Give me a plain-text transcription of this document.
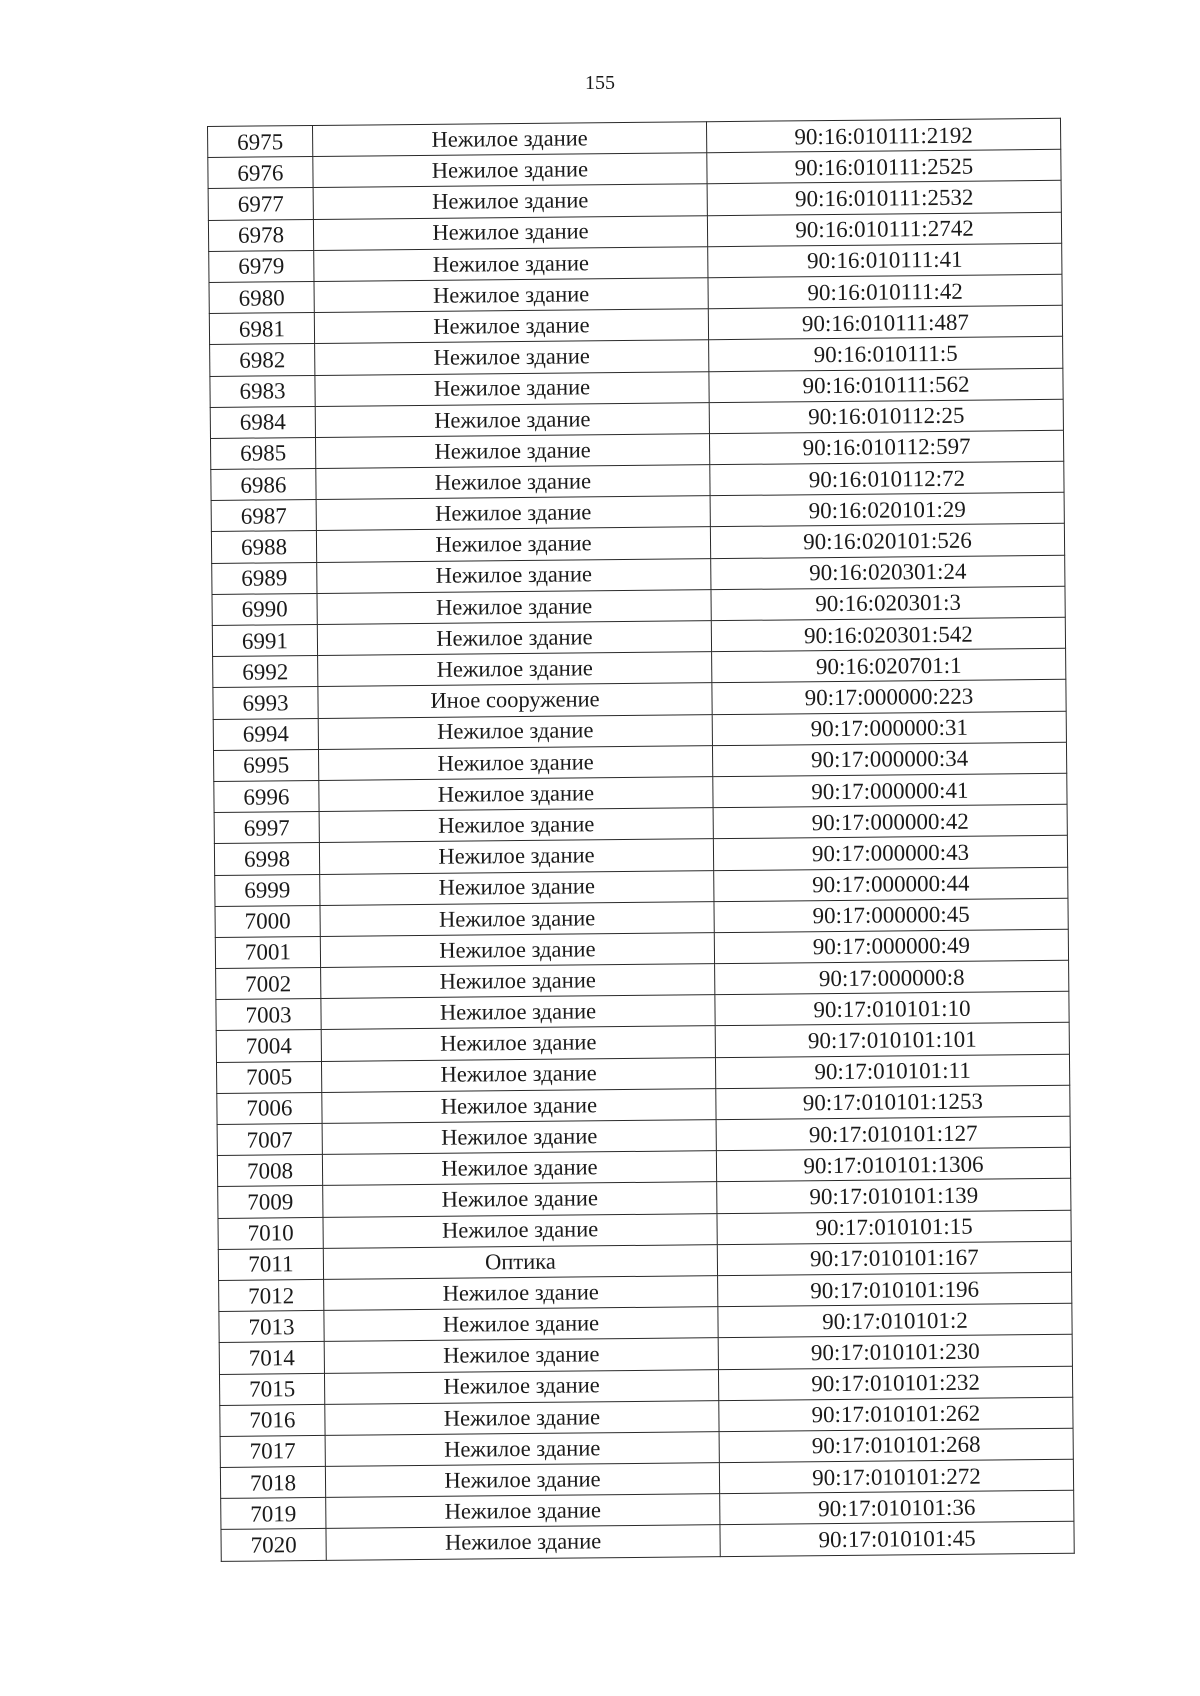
155
6975	Нежилое здание	90:16:010111:2192
6976	Нежилое здание	90:16:010111:2525
6977	Нежилое здание	90:16:010111:2532
6978	Нежилое здание	90:16:010111:2742
6979	Нежилое здание	90:16:010111:41
6980	Нежилое здание	90:16:010111:42
6981	Нежилое здание	90:16:010111:487
6982	Нежилое здание	90:16:010111:5
6983	Нежилое здание	90:16:010111:562
6984	Нежилое здание	90:16:010112:25
6985	Нежилое здание	90:16:010112:597
6986	Нежилое здание	90:16:010112:72
6987	Нежилое здание	90:16:020101:29
6988	Нежилое здание	90:16:020101:526
6989	Нежилое здание	90:16:020301:24
6990	Нежилое здание	90:16:020301:3
6991	Нежилое здание	90:16:020301:542
6992	Нежилое здание	90:16:020701:1
6993	Иное сооружение	90:17:000000:223
6994	Нежилое здание	90:17:000000:31
6995	Нежилое здание	90:17:000000:34
6996	Нежилое здание	90:17:000000:41
6997	Нежилое здание	90:17:000000:42
6998	Нежилое здание	90:17:000000:43
6999	Нежилое здание	90:17:000000:44
7000	Нежилое здание	90:17:000000:45
7001	Нежилое здание	90:17:000000:49
7002	Нежилое здание	90:17:000000:8
7003	Нежилое здание	90:17:010101:10
7004	Нежилое здание	90:17:010101:101
7005	Нежилое здание	90:17:010101:11
7006	Нежилое здание	90:17:010101:1253
7007	Нежилое здание	90:17:010101:127
7008	Нежилое здание	90:17:010101:1306
7009	Нежилое здание	90:17:010101:139
7010	Нежилое здание	90:17:010101:15
7011	Оптика	90:17:010101:167
7012	Нежилое здание	90:17:010101:196
7013	Нежилое здание	90:17:010101:2
7014	Нежилое здание	90:17:010101:230
7015	Нежилое здание	90:17:010101:232
7016	Нежилое здание	90:17:010101:262
7017	Нежилое здание	90:17:010101:268
7018	Нежилое здание	90:17:010101:272
7019	Нежилое здание	90:17:010101:36
7020	Нежилое здание	90:17:010101:45
